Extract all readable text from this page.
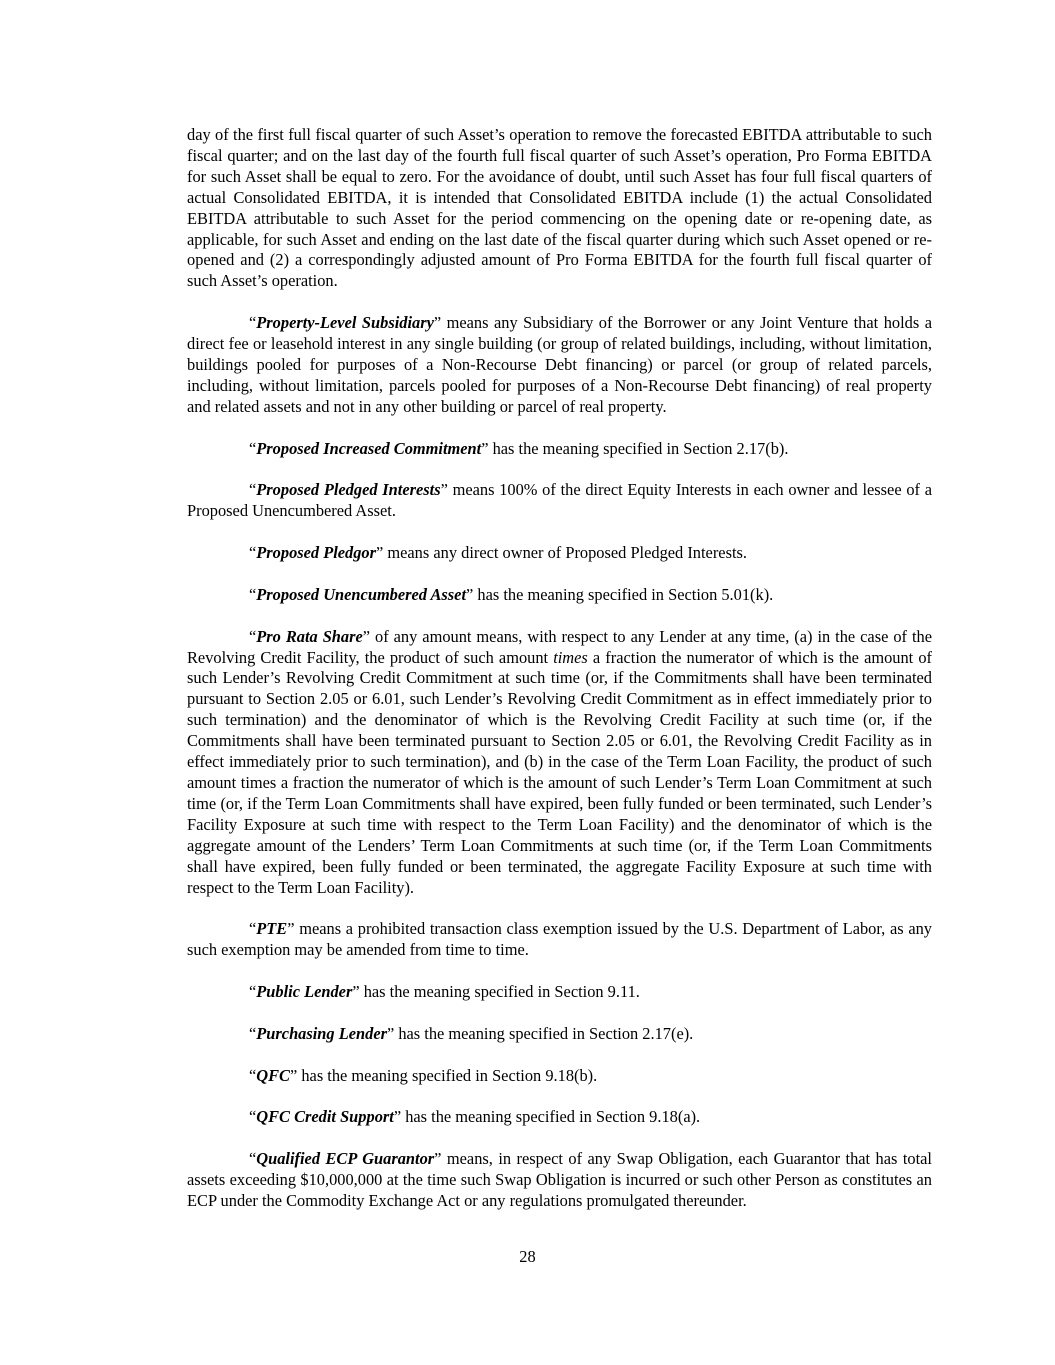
day of the first full fiscal quarter of such Asset’s operation to remove the forecasted EBITDA attributable to such fiscal quarter; and on the last day of the fourth full fiscal quarter of such Asset’s operation, Pro Forma EBITDA for such Asset shall be equal to zero. For the avoidance of doubt, until such Asset has four full fiscal quarters of actual Consolidated EBITDA, it is intended that Consolidated EBITDA include (1) the actual Consolidated EBITDA attributable to such Asset for the period commencing on the opening date or re-opening date, as applicable, for such Asset and ending on the last date of the fiscal quarter during which such Asset opened or re-opened and (2) a correspondingly adjusted amount of Pro Forma EBITDA for the fourth full fiscal quarter of such Asset’s operation.

“Property-Level Subsidiary” means any Subsidiary of the Borrower or any Joint Venture that holds a direct fee or leasehold interest in any single building (or group of related buildings, including, without limitation, buildings pooled for purposes of a Non-Recourse Debt financing) or parcel (or group of related parcels, including, without limitation, parcels pooled for purposes of a Non-Recourse Debt financing) of real property and related assets and not in any other building or parcel of real property.

“Proposed Increased Commitment” has the meaning specified in Section 2.17(b).

“Proposed Pledged Interests” means 100% of the direct Equity Interests in each owner and lessee of a Proposed Unencumbered Asset.

“Proposed Pledgor” means any direct owner of Proposed Pledged Interests.

“Proposed Unencumbered Asset” has the meaning specified in Section 5.01(k).

“Pro Rata Share” of any amount means, with respect to any Lender at any time, (a) in the case of the Revolving Credit Facility, the product of such amount times a fraction the numerator of which is the amount of such Lender’s Revolving Credit Commitment at such time (or, if the Commitments shall have been terminated pursuant to Section 2.05 or 6.01, such Lender’s Revolving Credit Commitment as in effect immediately prior to such termination) and the denominator of which is the Revolving Credit Facility at such time (or, if the Commitments shall have been terminated pursuant to Section 2.05 or 6.01, the Revolving Credit Facility as in effect immediately prior to such termination), and (b) in the case of the Term Loan Facility, the product of such amount times a fraction the numerator of which is the amount of such Lender’s Term Loan Commitment at such time (or, if the Term Loan Commitments shall have expired, been fully funded or been terminated, such Lender’s Facility Exposure at such time with respect to the Term Loan Facility) and the denominator of which is the aggregate amount of the Lenders’ Term Loan Commitments at such time (or, if the Term Loan Commitments shall have expired, been fully funded or been terminated, the aggregate Facility Exposure at such time with respect to the Term Loan Facility).

“PTE” means a prohibited transaction class exemption issued by the U.S. Department of Labor, as any such exemption may be amended from time to time.

“Public Lender” has the meaning specified in Section 9.11.

“Purchasing Lender” has the meaning specified in Section 2.17(e).

“QFC” has the meaning specified in Section 9.18(b).

“QFC Credit Support” has the meaning specified in Section 9.18(a).

“Qualified ECP Guarantor” means, in respect of any Swap Obligation, each Guarantor that has total assets exceeding $10,000,000 at the time such Swap Obligation is incurred or such other Person as constitutes an ECP under the Commodity Exchange Act or any regulations promulgated thereunder.

28
